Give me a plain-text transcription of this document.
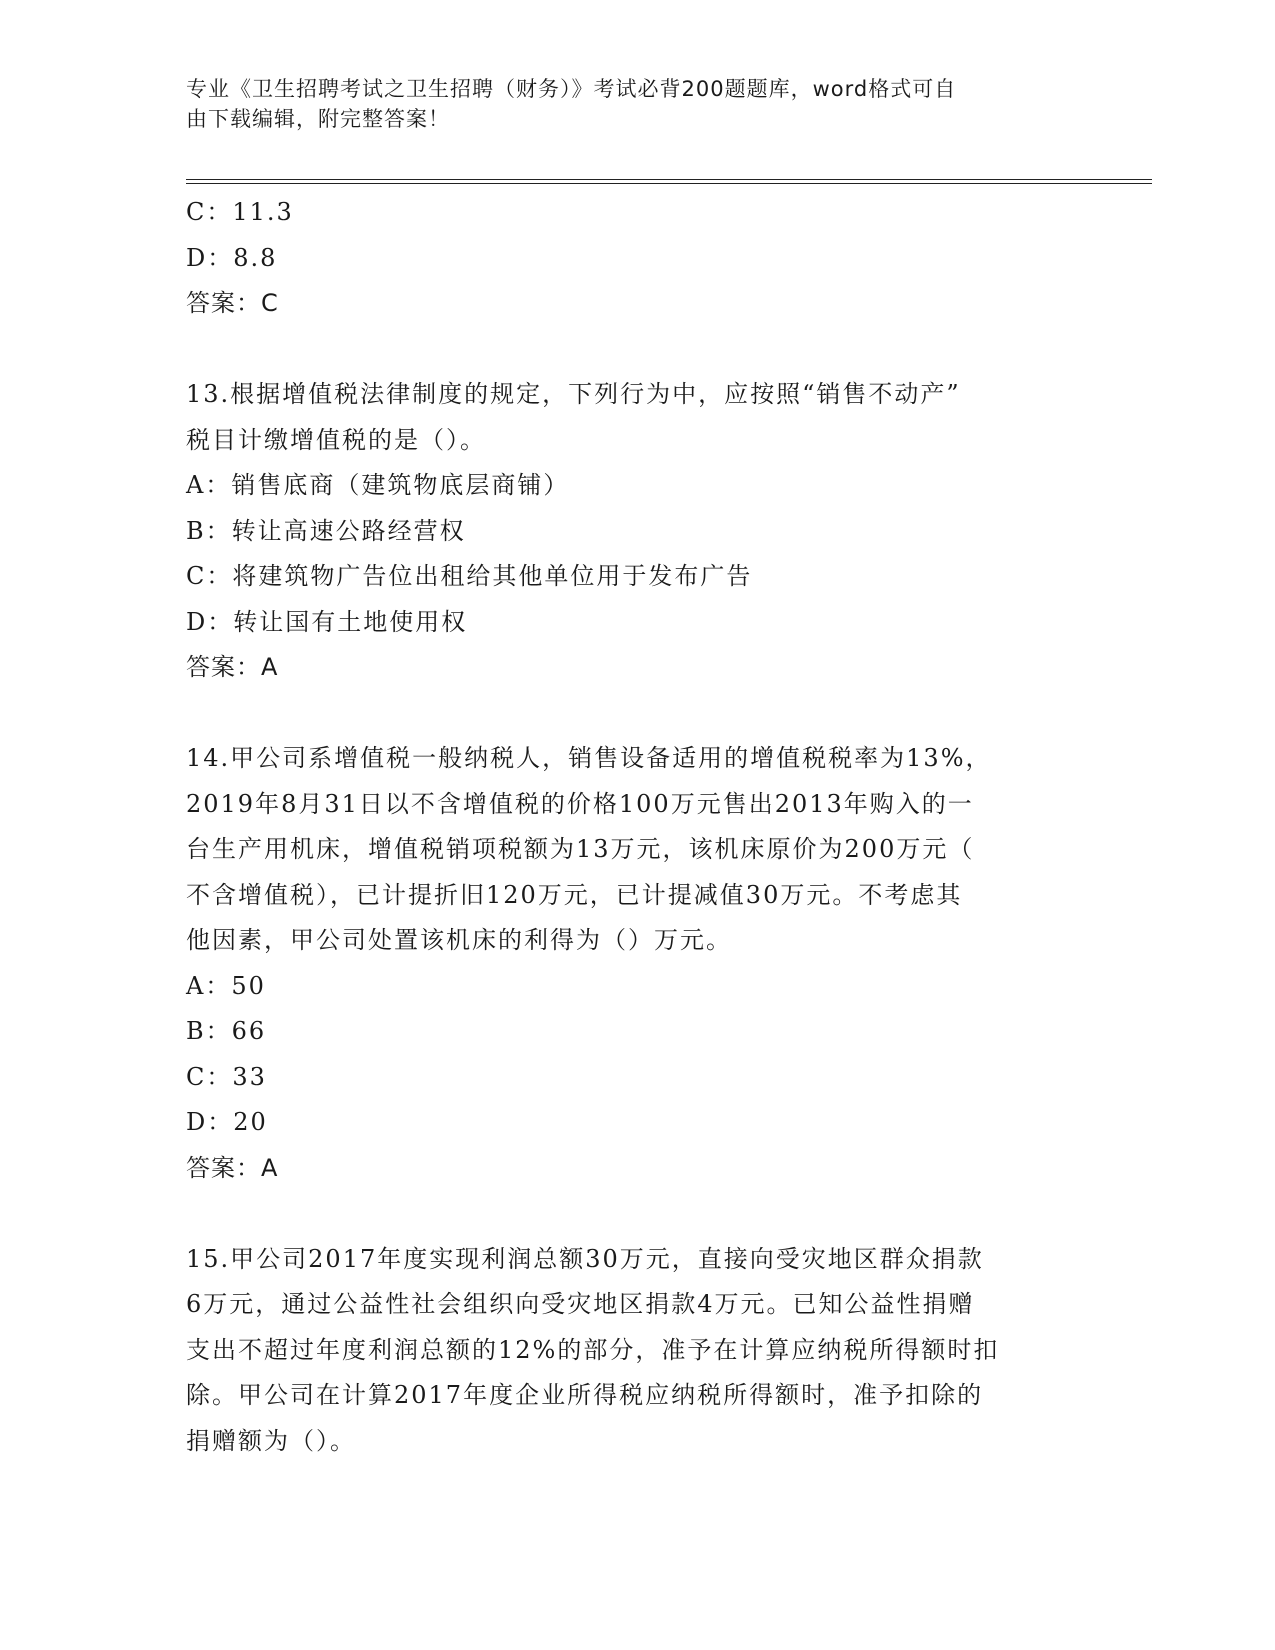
专业《卫生招聘考试之卫生招聘（财务）》考试必背200题题库，word格式可自
由下载编辑，附完整答案！
C：11.3
D：8.8
答案：C
13.根据增值税法律制度的规定，下列行为中，应按照“销售不动产”
税目计缴增值税的是（）。
A：销售底商（建筑物底层商铺）
B：转让高速公路经营权
C：将建筑物广告位出租给其他单位用于发布广告
D：转让国有土地使用权
答案：A
14.甲公司系增值税一般纳税人，销售设备适用的增值税税率为13%，
2019年8月31日以不含增值税的价格100万元售出2013年购入的一
台生产用机床，增值税销项税额为13万元，该机床原价为200万元（
不含增值税），已计提折旧120万元，已计提减值30万元。不考虑其
他因素，甲公司处置该机床的利得为（）万元。
A：50
B：66
C：33
D：20
答案：A
15.甲公司2017年度实现利润总额30万元，直接向受灾地区群众捐款
6万元，通过公益性社会组织向受灾地区捐款4万元。已知公益性捐赠
支出不超过年度利润总额的12%的部分，准予在计算应纳税所得额时扣
除。甲公司在计算2017年度企业所得税应纳税所得额时，准予扣除的
捐赠额为（）。
